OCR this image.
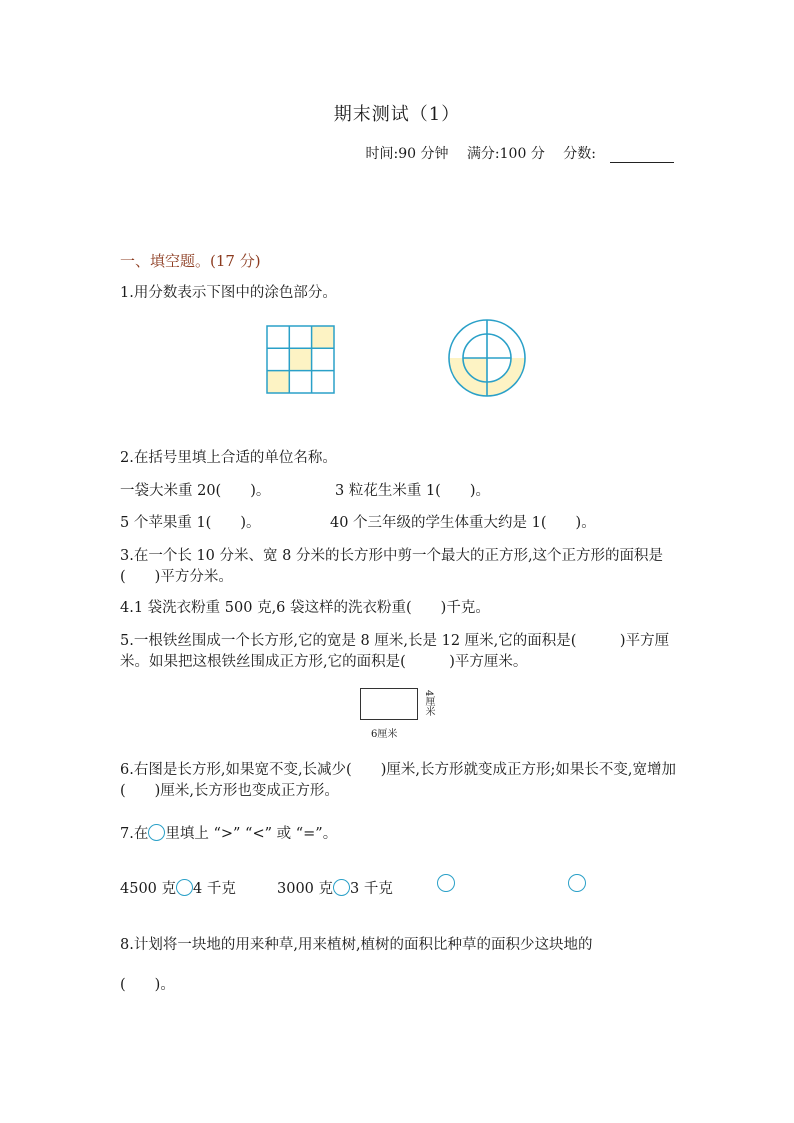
期末测试（1）
时间:90 分钟 满分:100 分 分数:
一、填空题。(17 分)
1.用分数表示下图中的涂色部分。
2.在括号里填上合适的单位名称。
一袋大米重 20(　　)。	3 粒花生米重 1(　　)。
5 个苹果重 1(　　)。	40 个三年级的学生体重大约是 1(　　)。
3.在一个长 10 分米、宽 8 分米的长方形中剪一个最大的正方形,这个正方形的面积是(　　)平方分米。
4.1 袋洗衣粉重 500 克,6 袋这样的洗衣粉重(　　)千克。
5.一根铁丝围成一个长方形,它的宽是 8 厘米,长是 12 厘米,它的面积是(　　　)平方厘米。如果把这根铁丝围成正方形,它的面积是(　　　)平方厘米。
6厘米
4厘米
6.右图是长方形,如果宽不变,长减少(　　)厘米,长方形就变成正方形;如果长不变,宽增加(　　)厘米,长方形也变成正方形。
7.在 里填上 “>” “<” 或 “=”。
4500 克 4 千克	3000 克 3 千克
8.计划将一块地的用来种草,用来植树,植树的面积比种草的面积少这块地的
(　　)。
